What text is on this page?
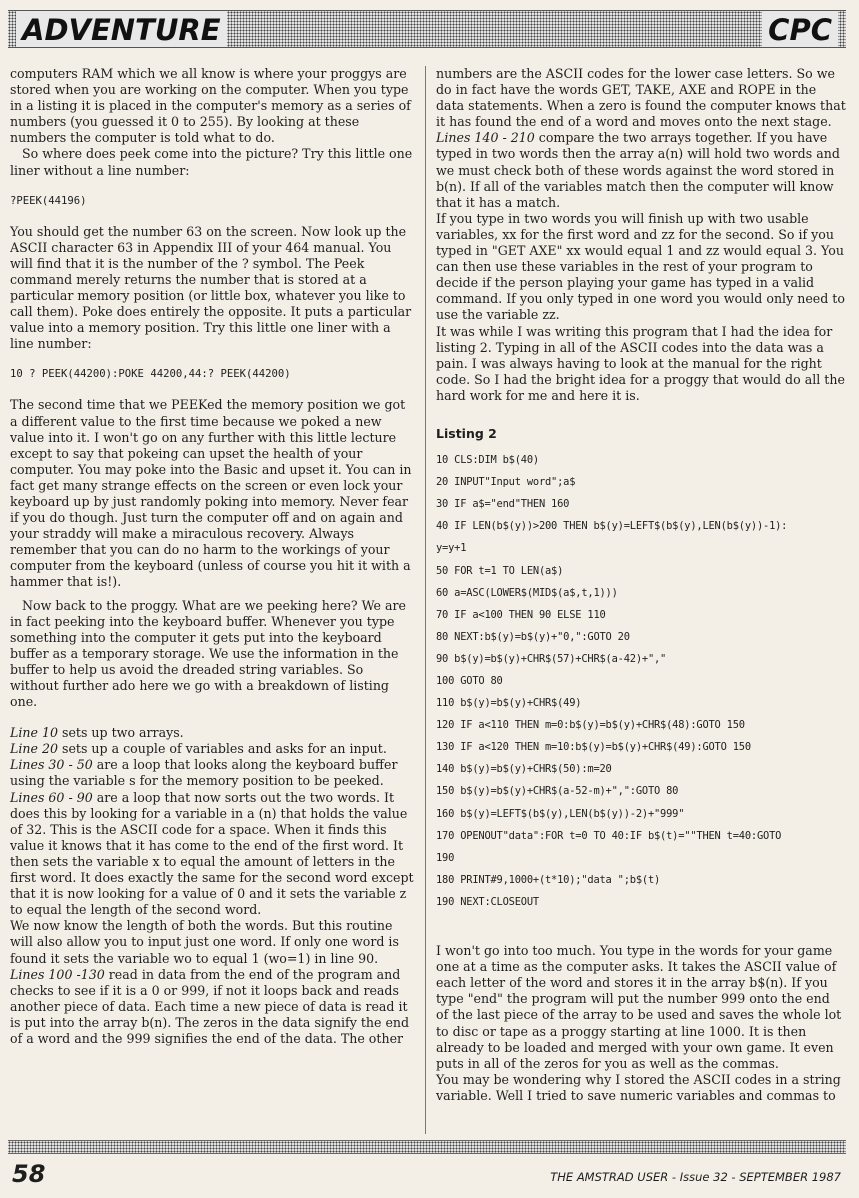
ADVENTURE	CPC

computers RAM which we all know is where your proggys are stored when you are working on the computer. When you type in a listing it is placed in the computer's memory as a series of numbers (you guessed it 0 to 255). By looking at these numbers the computer is told what to do.

So where does peek come into the picture? Try this little one liner without a line number:

?PEEK(44196)

You should get the number 63 on the screen. Now look up the ASCII character 63 in Appendix III of your 464 manual. You will find that it is the number of the ? symbol. The Peek command merely returns the number that is stored at a particular memory position (or little box, whatever you like to call them). Poke does entirely the opposite. It puts a particular value into a memory position. Try this little one liner with a line number:

10 ? PEEK(44200):POKE 44200,44:? PEEK(44200)

The second time that we PEEKed the memory position we got a different value to the first time because we poked a new value into it. I won't go on any further with this little lecture except to say that pokeing can upset the health of your computer. You may poke into the Basic and upset it. You can in fact get many strange effects on the screen or even lock your keyboard up by just randomly poking into memory. Never fear if you do though. Just turn the computer off and on again and your straddy will make a miraculous recovery. Always remember that you can do no harm to the workings of your computer from the keyboard (unless of course you hit it with a hammer that is!).

Now back to the proggy. What are we peeking here? We are in fact peeking into the keyboard buffer. Whenever you type something into the computer it gets put into the keyboard buffer as a temporary storage. We use the information in the buffer to help us avoid the dreaded string variables. So without further ado here we go with a breakdown of listing one.

Line 10 sets up two arrays.

Line 20 sets up a couple of variables and asks for an input.

Lines 30 - 50 are a loop that looks along the keyboard buffer using the variable s for the memory position to be peeked.

Lines 60 - 90 are a loop that now sorts out the two words. It does this by looking for a variable in a (n) that holds the value of 32. This is the ASCII code for a space. When it finds this value it knows that it has come to the end of the first word. It then sets the variable x to equal the amount of letters in the first word. It does exactly the same for the second word except that it is now looking for a value of 0 and it sets the variable z to equal the length of the second word.

We now know the length of both the words. But this routine will also allow you to input just one word. If only one word is found it sets the variable wo to equal 1 (wo=1) in line 90.

Lines 100 -130 read in data from the end of the program and checks to see if it is a 0 or 999, if not it loops back and reads another piece of data. Each time a new piece of data is read it is put into the array b(n). The zeros in the data signify the end of a word and the 999 signifies the end of the data. The other

numbers are the ASCII codes for the lower case letters. So we do in fact have the words GET, TAKE, AXE and ROPE in the data statements. When a zero is found the computer knows that it has found the end of a word and moves onto the next stage.

Lines 140 - 210 compare the two arrays together. If you have typed in two words then the array a(n) will hold two words and we must check both of these words against the word stored in b(n). If all of the variables match then the computer will know that it has a match.

If you type in two words you will finish up with two usable variables, xx for the first word and zz for the second. So if you typed in "GET AXE" xx would equal 1 and zz would equal 3. You can then use these variables in the rest of your program to decide if the person playing your game has typed in a valid command. If you only typed in one word you would only need to use the variable zz.

It was while I was writing this program that I had the idea for listing 2. Typing in all of the ASCII codes into the data was a pain. I was always having to look at the manual for the right code. So I had the bright idea for a proggy that would do all the hard work for me and here it is.

Listing 2

10 CLS:DIM b$(40)
20 INPUT"Input word";a$
30 IF a$="end"THEN 160
40 IF LEN(b$(y))>200 THEN b$(y)=LEFT$(b$(y),LEN(b$(y))-1):
y=y+1
50 FOR t=1 TO LEN(a$)
60 a=ASC(LOWER$(MID$(a$,t,1)))
70 IF a<100 THEN 90 ELSE 110
80 NEXT:b$(y)=b$(y)+"0,":GOTO 20
90 b$(y)=b$(y)+CHR$(57)+CHR$(a-42)+","
100 GOTO 80
110 b$(y)=b$(y)+CHR$(49)
120 IF a<110 THEN m=0:b$(y)=b$(y)+CHR$(48):GOTO 150
130 IF a<120 THEN m=10:b$(y)=b$(y)+CHR$(49):GOTO 150
140 b$(y)=b$(y)+CHR$(50):m=20
150 b$(y)=b$(y)+CHR$(a-52-m)+",":GOTO 80
160 b$(y)=LEFT$(b$(y),LEN(b$(y))-2)+"999"
170 OPENOUT"data":FOR t=0 TO 40:IF b$(t)=""THEN t=40:GOTO
190
180 PRINT#9,1000+(t*10);"data ";b$(t)
190 NEXT:CLOSEOUT

I won't go into too much. You type in the words for your game one at a time as the computer asks. It takes the ASCII value of each letter of the word and stores it in the array b$(n). If you type "end" the program will put the number 999 onto the end of the last piece of the array to be used and saves the whole lot to disc or tape as a proggy starting at line 1000. It is then already to be loaded and merged with your own game. It even puts in all of the zeros for you as well as the commas.

You may be wondering why I stored the ASCII codes in a string variable. Well I tried to save numeric variables and commas to

58	THE AMSTRAD USER - Issue 32 - SEPTEMBER 1987
